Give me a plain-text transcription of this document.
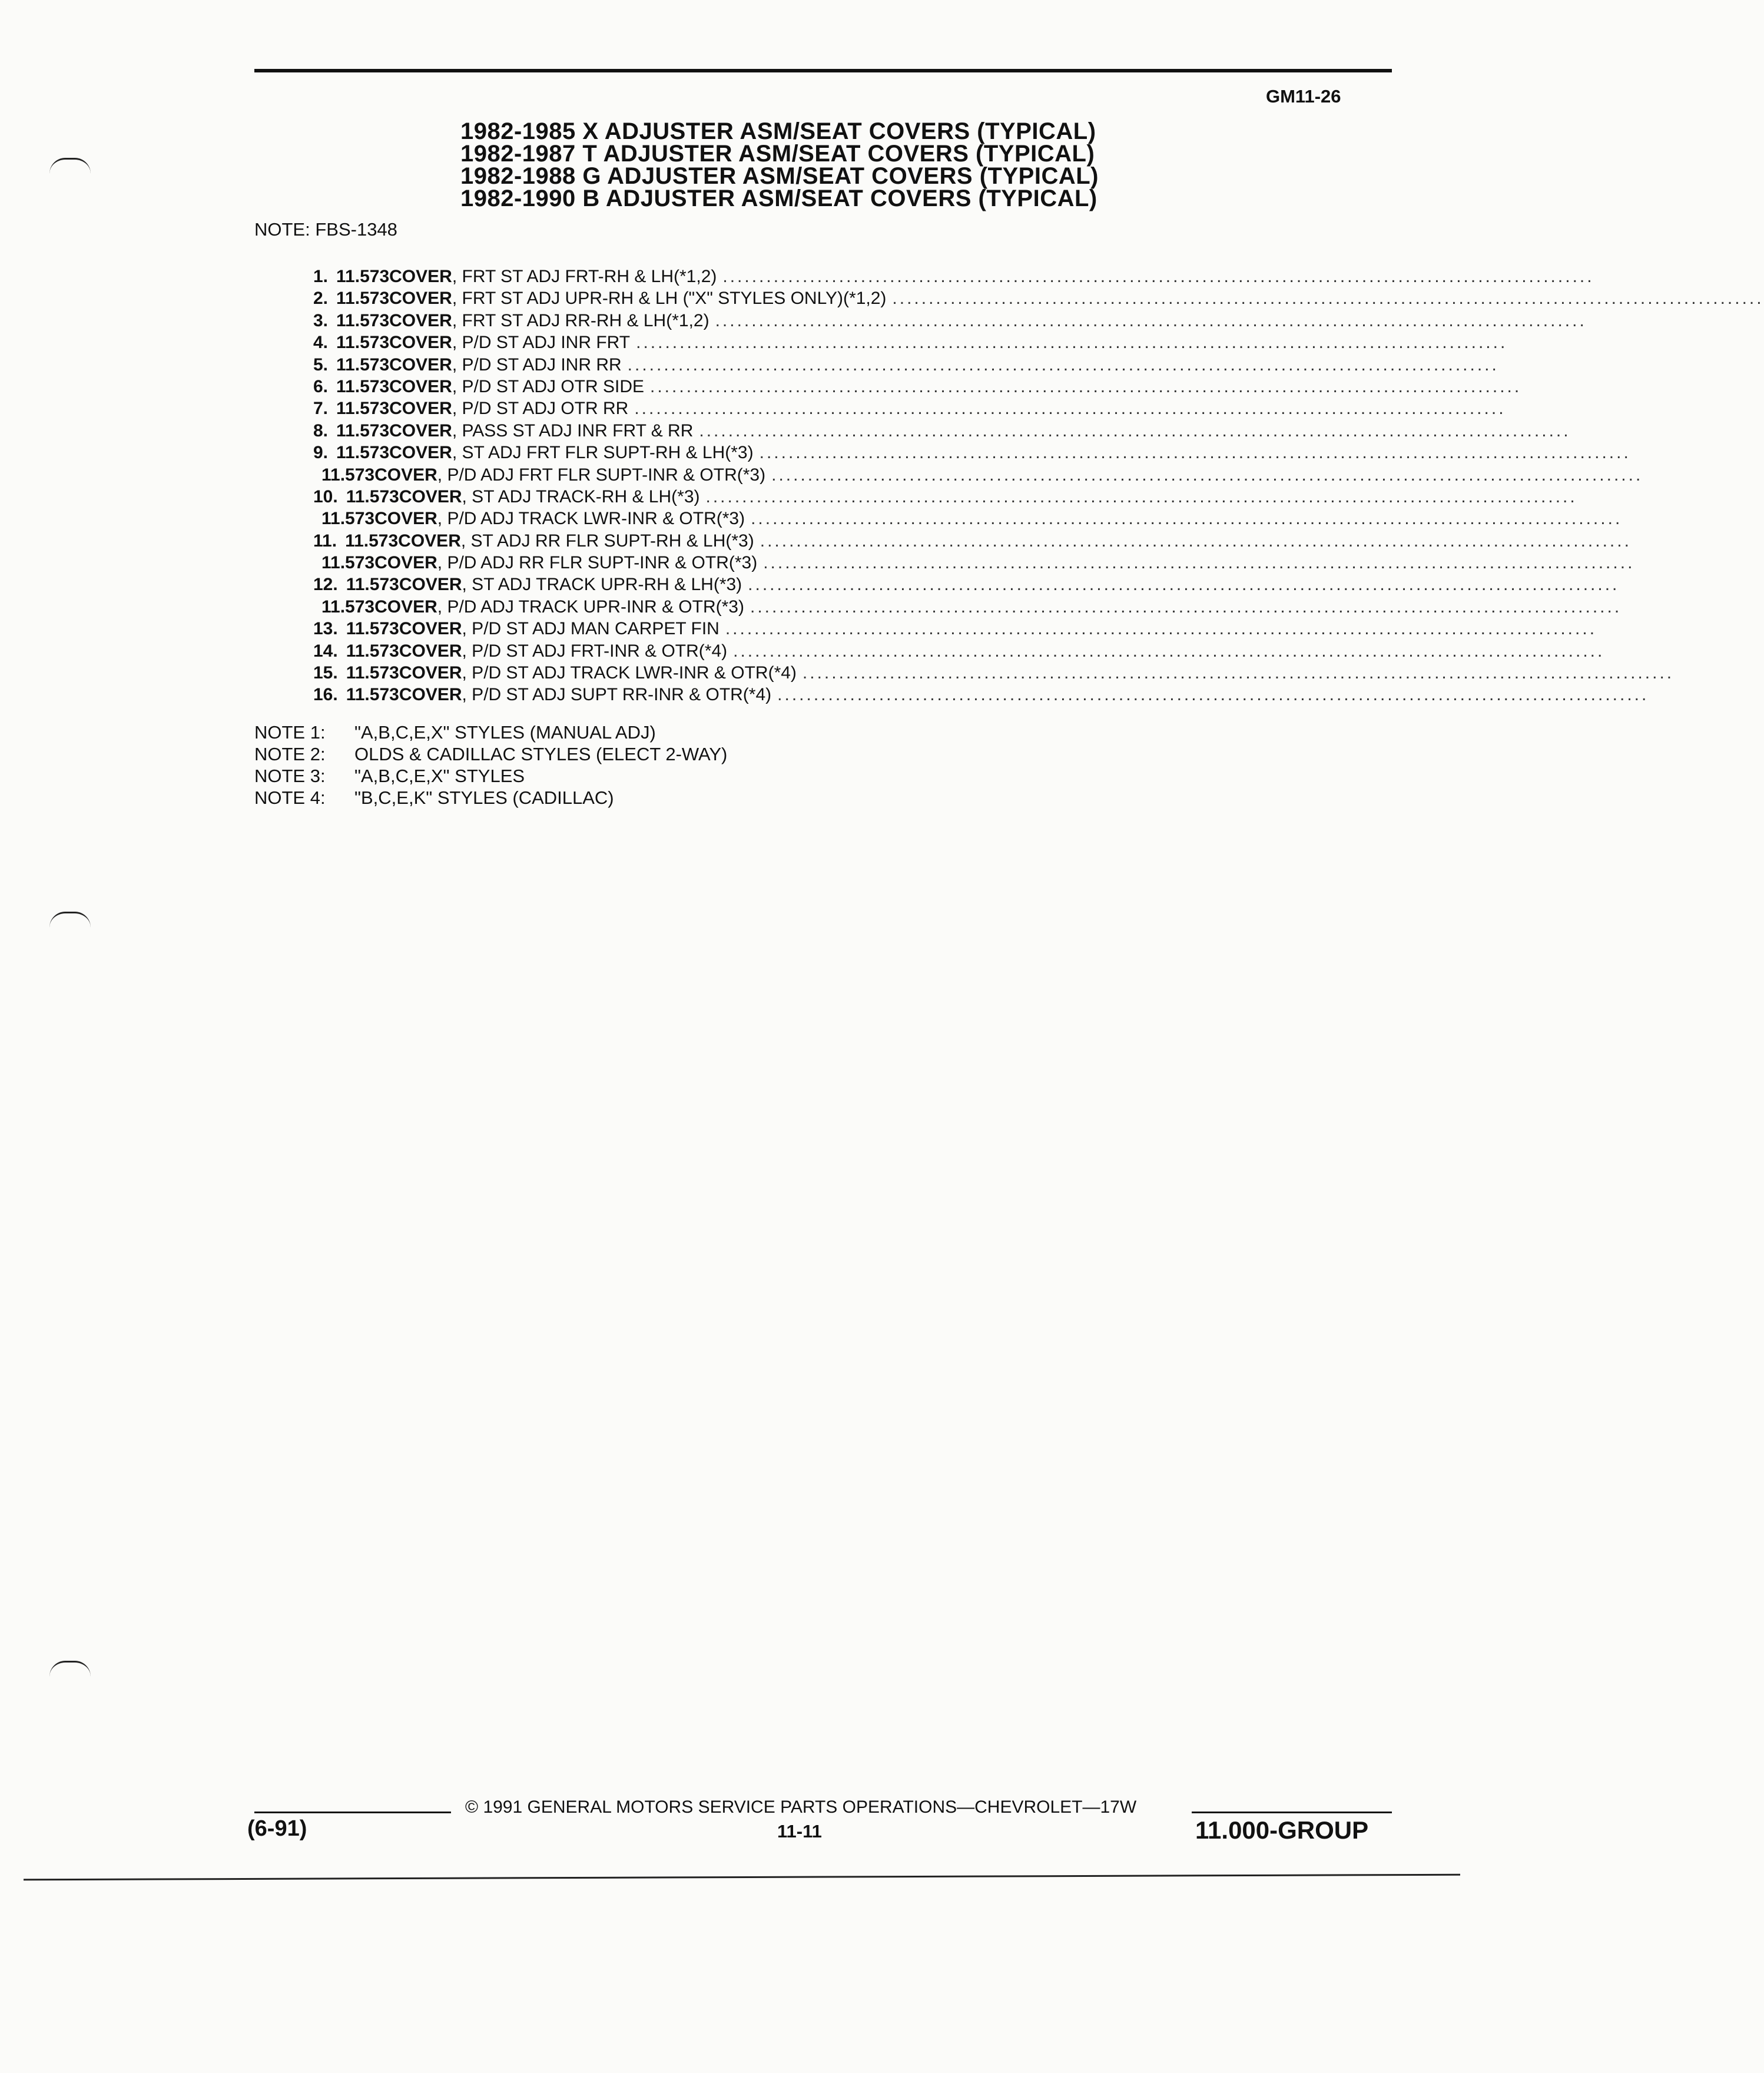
GM11-26
1982-1985 X ADJUSTER ASM/SEAT COVERS (TYPICAL)
1982-1987 T ADJUSTER ASM/SEAT COVERS (TYPICAL)
1982-1988 G ADJUSTER ASM/SEAT COVERS (TYPICAL)
1982-1990 B ADJUSTER ASM/SEAT COVERS (TYPICAL)
NOTE: FBS-1348
1. 11.573 COVER , FRT ST ADJ FRT-RH & LH(*1,2) ........................................................................................................................
2. 11.573 COVER , FRT ST ADJ UPR-RH & LH ("X" STYLES ONLY)(*1,2) ........................................................................................................................
3. 11.573 COVER , FRT ST ADJ RR-RH & LH(*1,2) ........................................................................................................................
4. 11.573 COVER , P/D ST ADJ INR FRT ........................................................................................................................
5. 11.573 COVER , P/D ST ADJ INR RR ........................................................................................................................
6. 11.573 COVER , P/D ST ADJ OTR SIDE ........................................................................................................................
7. 11.573 COVER , P/D ST ADJ OTR RR ........................................................................................................................
8. 11.573 COVER , PASS ST ADJ INR FRT & RR ........................................................................................................................
9. 11.573 COVER , ST ADJ FRT FLR SUPT-RH & LH(*3) ........................................................................................................................
11.573 COVER , P/D ADJ FRT FLR SUPT-INR & OTR(*3) ........................................................................................................................
10. 11.573 COVER , ST ADJ TRACK-RH & LH(*3) ........................................................................................................................
11.573 COVER , P/D ADJ TRACK LWR-INR & OTR(*3) ........................................................................................................................
11. 11.573 COVER , ST ADJ RR FLR SUPT-RH & LH(*3) ........................................................................................................................
11.573 COVER , P/D ADJ RR FLR SUPT-INR & OTR(*3) ........................................................................................................................
12. 11.573 COVER , ST ADJ TRACK UPR-RH & LH(*3) ........................................................................................................................
11.573 COVER , P/D ADJ TRACK UPR-INR & OTR(*3) ........................................................................................................................
13. 11.573 COVER , P/D ST ADJ MAN CARPET FIN ........................................................................................................................
14. 11.573 COVER , P/D ST ADJ FRT-INR & OTR(*4) ........................................................................................................................
15. 11.573 COVER , P/D ST ADJ TRACK LWR-INR & OTR(*4) ........................................................................................................................
16. 11.573 COVER , P/D ST ADJ SUPT RR-INR & OTR(*4) ........................................................................................................................
NOTE 1:	"A,B,C,E,X" STYLES (MANUAL ADJ)
NOTE 2:	OLDS & CADILLAC STYLES (ELECT 2-WAY)
NOTE 3:	"A,B,C,E,X" STYLES
NOTE 4:	"B,C,E,K" STYLES (CADILLAC)
© 1991 GENERAL MOTORS SERVICE PARTS OPERATIONS—CHEVROLET—17W
(6-91)	11-11	11.000-GROUP
